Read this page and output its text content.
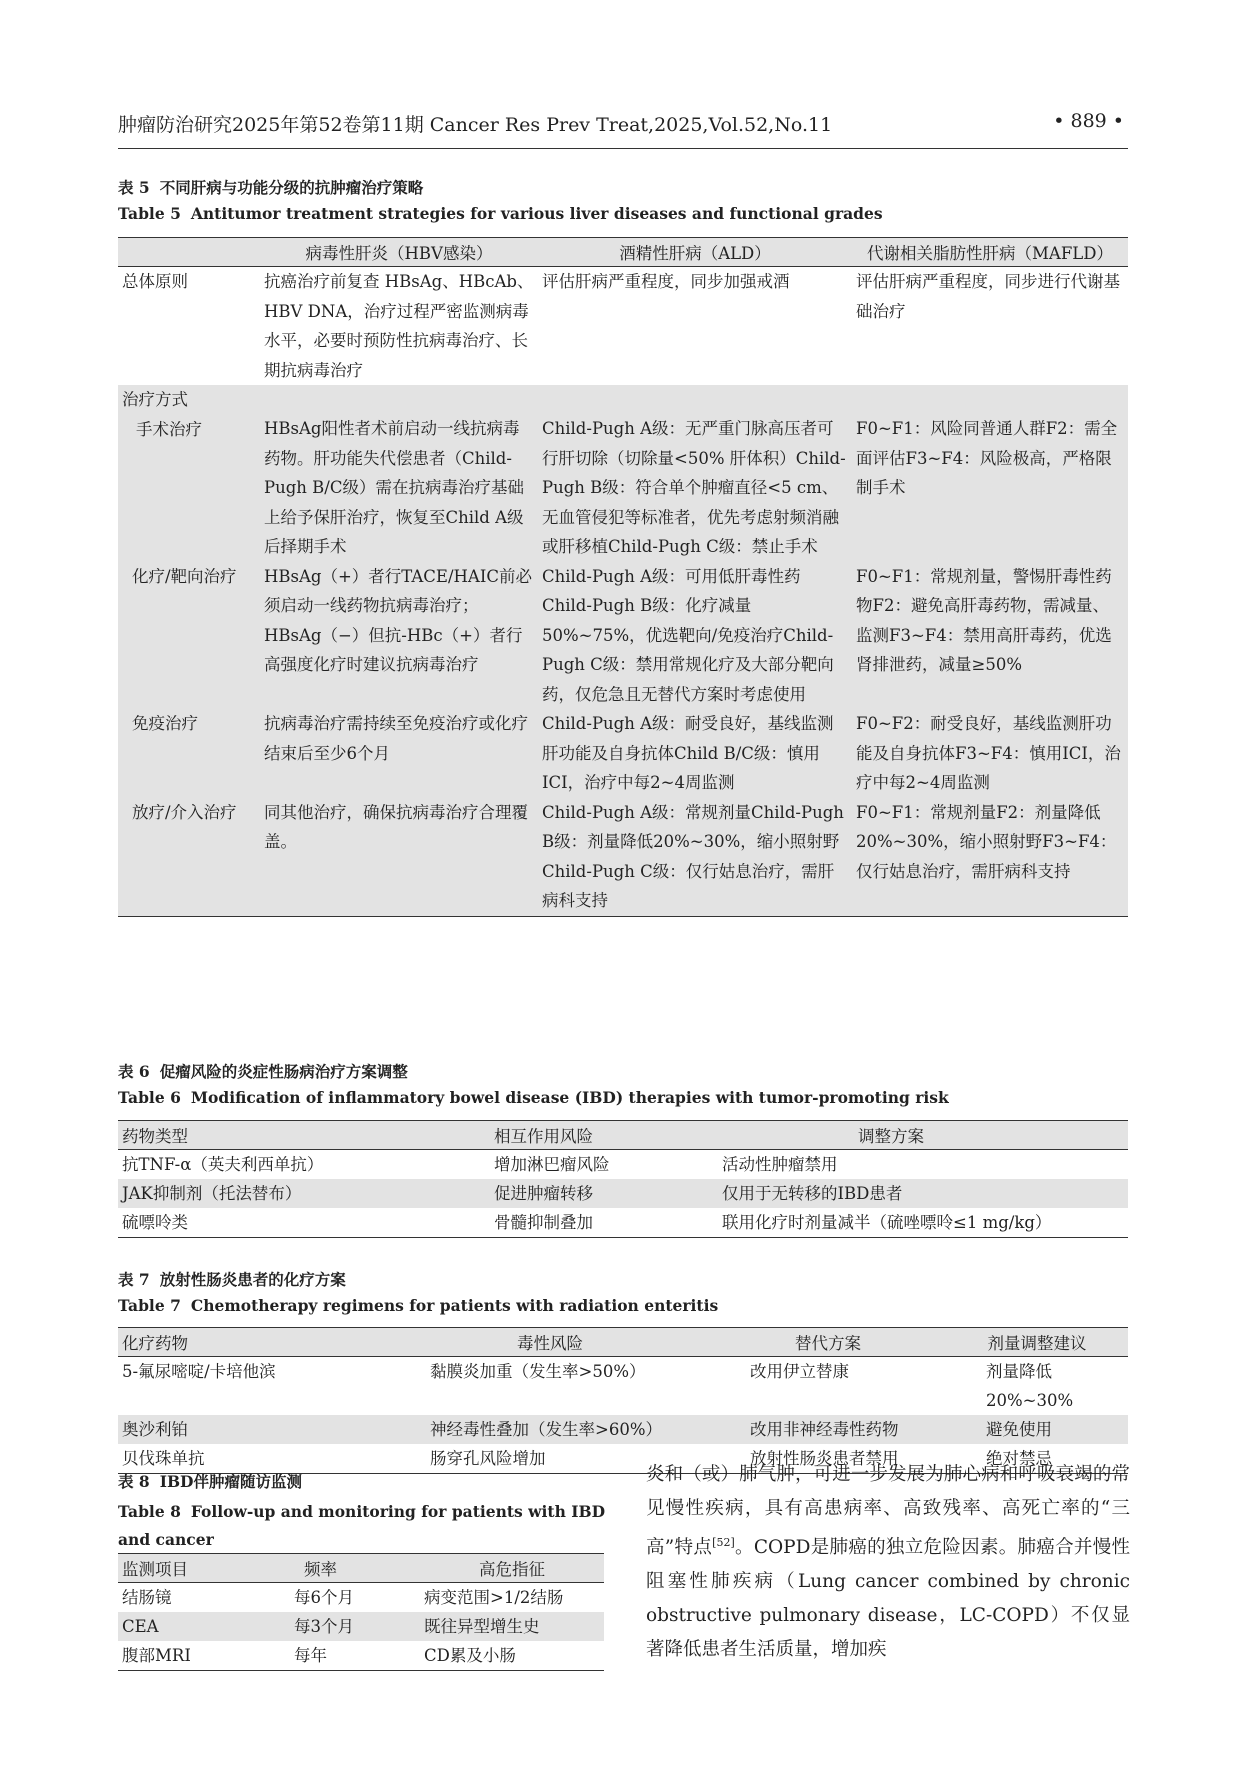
肿瘤防治研究2025年第52卷第11期 Cancer Res Prev Treat,2025,Vol.52,No.11	• 889 •
表 5 不同肝病与功能分级的抗肿瘤治疗策略
Table 5 Antitumor treatment strategies for various liver diseases and functional grades
	病毒性肝炎（HBV感染）	酒精性肝病（ALD）	代谢相关脂肪性肝病（MAFLD）
总体原则	抗癌治疗前复查 HBsAg、HBcAb、HBV DNA，治疗过程严密监测病毒水平，必要时预防性抗病毒治疗、长期抗病毒治疗	评估肝病严重程度，同步加强戒酒	评估肝病严重程度，同步进行代谢基础治疗

治疗方式
手术治疗	HBsAg阳性者术前启动一线抗病毒药物。肝功能失代偿患者（Child-Pugh B/C级）需在抗病毒治疗基础上给予保肝治疗，恢复至Child A级后择期手术	Child-Pugh A级：无严重门脉高压者可行肝切除（切除量<50% 肝体积）Child-Pugh B级：符合单个肿瘤直径<5 cm、无血管侵犯等标准者，优先考虑射频消融或肝移植Child-Pugh C级：禁止手术	F0~F1：风险同普通人群F2：需全面评估F3~F4：风险极高，严格限制手术
化疗/靶向治疗	HBsAg（+）者行TACE/HAIC前必须启动一线药物抗病毒治疗；HBsAg（−）但抗-HBc（+）者行高强度化疗时建议抗病毒治疗	Child-Pugh A级：可用低肝毒性药Child-Pugh B级：化疗减量50%~75%，优选靶向/免疫治疗Child-Pugh C级：禁用常规化疗及大部分靶向药，仅危急且无替代方案时考虑使用	F0~F1：常规剂量，警惕肝毒性药物F2：避免高肝毒药物，需减量、监测F3~F4：禁用高肝毒药，优选肾排泄药，减量≥50%
免疫治疗	抗病毒治疗需持续至免疫治疗或化疗结束后至少6个月	Child-Pugh A级：耐受良好，基线监测肝功能及自身抗体Child B/C级：慎用ICI，治疗中每2~4周监测	F0~F2：耐受良好，基线监测肝功能及自身抗体F3~F4：慎用ICI，治疗中每2~4周监测
放疗/介入治疗	同其他治疗，确保抗病毒治疗合理覆盖。	Child-Pugh A级：常规剂量Child-Pugh B级：剂量降低20%~30%，缩小照射野Child-Pugh C级：仅行姑息治疗，需肝病科支持	F0~F1：常规剂量F2：剂量降低20%~30%，缩小照射野F3~F4：仅行姑息治疗，需肝病科支持
表 6 促瘤风险的炎症性肠病治疗方案调整
Table 6 Modification of inflammatory bowel disease (IBD) therapies with tumor-promoting risk
药物类型	相互作用风险	调整方案
抗TNF-α（英夫利西单抗）	增加淋巴瘤风险	活动性肿瘤禁用
JAK抑制剂（托法替布）	促进肿瘤转移	仅用于无转移的IBD患者
硫嘌呤类	骨髓抑制叠加	联用化疗时剂量减半（硫唑嘌呤≤1 mg/kg）
表 7 放射性肠炎患者的化疗方案
Table 7 Chemotherapy regimens for patients with radiation enteritis
化疗药物	毒性风险	替代方案	剂量调整建议
5-氟尿嘧啶/卡培他滨	黏膜炎加重（发生率>50%）	改用伊立替康	剂量降低20%~30%
奥沙利铂	神经毒性叠加（发生率>60%）	改用非神经毒性药物	避免使用
贝伐珠单抗	肠穿孔风险增加	放射性肠炎患者禁用	绝对禁忌
表 8 IBD伴肿瘤随访监测
Table 8 Follow-up and monitoring for patients with IBD and cancer
监测项目	频率	高危指征
结肠镜	每6个月	病变范围>1/2结肠
CEA	每3个月	既往异型增生史
腹部MRI	每年	CD累及小肠

炎和（或）肺气肿，可进一步发展为肺心病和呼吸衰竭的常见慢性疾病，具有高患病率、高致残率、高死亡率的“三高”特点[52]。COPD是肺癌的独立危险因素。肺癌合并慢性阻塞性肺疾病（Lung cancer combined by chronic obstructive pulmonary disease，LC-COPD）不仅显著降低患者生活质量，增加疾
